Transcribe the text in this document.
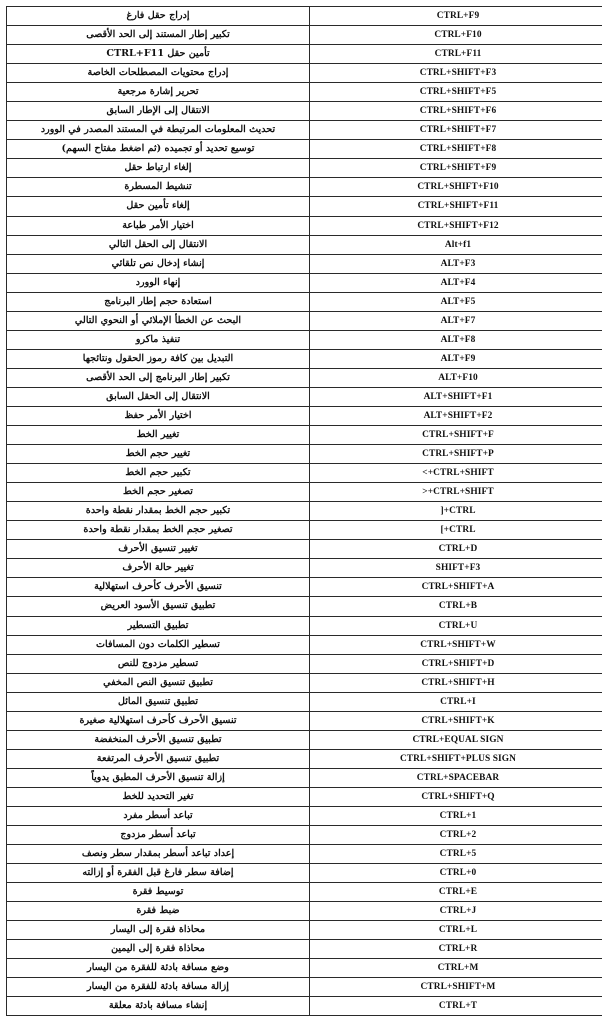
إدراج حقل فارغ	CTRL+F9
تكبير إطار المستند إلى الحد الأقصى	CTRL+F10
تأمين حقل CTRL+F11	CTRL+F11
إدراج محتويات المصطلحات الخاصة	CTRL+SHIFT+F3
تحرير إشارة مرجعية	CTRL+SHIFT+F5
الانتقال إلى الإطار السابق	CTRL+SHIFT+F6
تحديث المعلومات المرتبطة في المستند المصدر في الوورد	CTRL+SHIFT+F7
توسيع تحديد أو تجميده (ثم اضغط مفتاح السهم)	CTRL+SHIFT+F8
إلغاء ارتباط حقل	CTRL+SHIFT+F9
تنشيط المسطرة	CTRL+SHIFT+F10
إلغاء تأمين حقل	CTRL+SHIFT+F11
اختيار الأمر طباعة	CTRL+SHIFT+F12
الانتقال إلى الحقل التالي	Alt+f1
إنشاء إدخال نص تلقائي	ALT+F3
إنهاء الوورد	ALT+F4
استعادة حجم إطار البرنامج	ALT+F5
البحث عن الخطأ الإملائي أو النحوي التالي	ALT+F7
تنفيذ ماكرو	ALT+F8
التبديل بين كافة رموز الحقول ونتائجها	ALT+F9
تكبير إطار البرنامج إلى الحد الأقصى	ALT+F10
الانتقال إلى الحقل السابق	ALT+SHIFT+F1
اختيار الأمر حفظ	ALT+SHIFT+F2
تغيير الخط	CTRL+SHIFT+F
تغيير حجم الخط	CTRL+SHIFT+P
تكبير حجم الخط	<+CTRL+SHIFT
تصغير حجم الخط	>+CTRL+SHIFT
تكبير حجم الخط بمقدار نقطة واحدة	]+CTRL
تصغير حجم الخط بمقدار نقطة واحدة	[+CTRL
تغيير تنسيق الأحرف	CTRL+D
تغيير حالة الأحرف	SHIFT+F3
تنسيق الأحرف كأحرف استهلالية	CTRL+SHIFT+A
تطبيق تنسيق الأسود العريض	CTRL+B
تطبيق التسطير	CTRL+U
تسطير الكلمات دون المسافات	CTRL+SHIFT+W
تسطير مزدوج للنص	CTRL+SHIFT+D
تطبيق تنسيق النص المخفي	CTRL+SHIFT+H
تطبيق تنسيق المائل	CTRL+I
تنسيق الأحرف كأحرف استهلالية صغيرة	CTRL+SHIFT+K
تطبيق تنسيق الأحرف المنخفضة	CTRL+EQUAL SIGN
تطبيق تنسيق الأحرف المرتفعة	CTRL+SHIFT+PLUS SIGN
إزالة تنسيق الأحرف المطبق يدوياً	CTRL+SPACEBAR
تغير التحديد للخط	CTRL+SHIFT+Q
تباعد أسطر مفرد	CTRL+1
تباعد أسطر مزدوج	CTRL+2
إعداد تباعد أسطر بمقدار سطر ونصف	CTRL+5
إضافة سطر فارغ قبل الفقرة أو إزالته	CTRL+0
توسيط فقرة	CTRL+E
ضبط فقرة	CTRL+J
محاذاة فقرة إلى اليسار	CTRL+L
محاذاة فقرة إلى اليمين	CTRL+R
وضع مسافة بادئة للفقرة من اليسار	CTRL+M
إزالة مسافة بادئة للفقرة من اليسار	CTRL+SHIFT+M
إنشاء مسافة بادئة معلقة	CTRL+T
